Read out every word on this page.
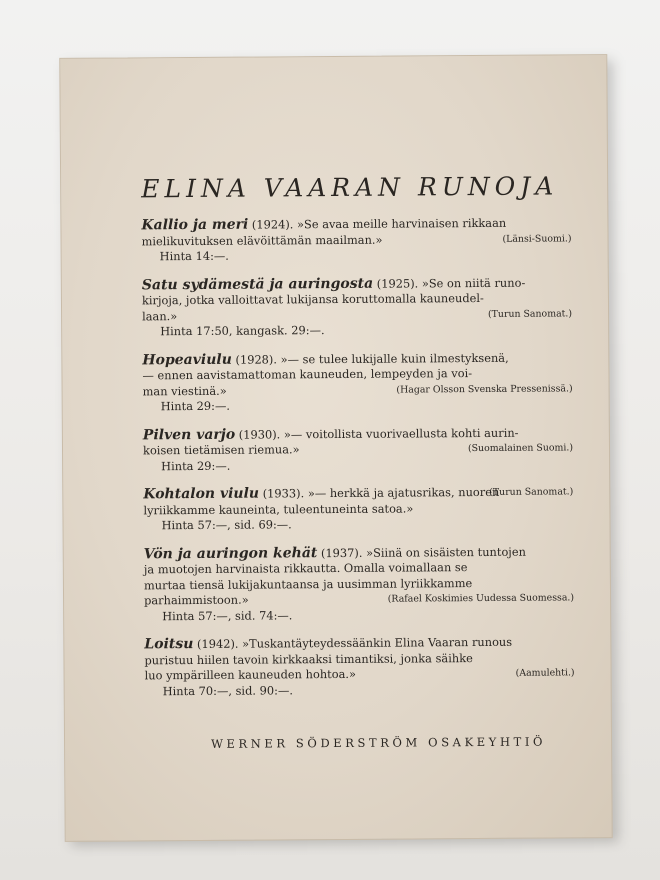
ELINA VAARAN RUNOJA
Kallio ja meri (1924). »Se avaa meille harvinaisen rikkaan
mielikuvituksen elävöittämän maailman.»	(Länsi-Suomi.)
Hinta 14:—.
Satu sydämestä ja auringosta (1925). »Se on niitä runo-
kirjoja, jotka valloittavat lukijansa koruttomalla kauneudel-
laan.»	(Turun Sanomat.)
Hinta 17:50, kangask. 29:—.
Hopeaviulu (1928). »— se tulee lukijalle kuin ilmestyksenä,
— ennen aavistamattoman kauneuden, lempeyden ja voi-
man viestinä.»	(Hagar Olsson Svenska Pressenissä.)
Hinta 29:—.
Pilven varjo (1930). »— voitollista vuorivaellusta kohti aurin-
koisen tietämisen riemua.»	(Suomalainen Suomi.)
Hinta 29:—.
Kohtalon viulu (1933). »— herkkä ja ajatusrikas, nuoren
(Turun Sanomat.)
lyriikkamme kauneinta, tuleentuneinta satoa.»
Hinta 57:—, sid. 69:—.
Vön ja auringon kehät (1937). »Siinä on sisäisten tuntojen
ja muotojen harvinaista rikkautta. Omalla voimallaan se
murtaa tiensä lukijakuntaansa ja uusimman lyriikkamme
parhaimmistoon.»	(Rafael Koskimies Uudessa Suomessa.)
Hinta 57:—, sid. 74:—.
Loitsu (1942). »Tuskantäyteydessäänkin Elina Vaaran runous
puristuu hiilen tavoin kirkkaaksi timantiksi, jonka säihke
luo ympärilleen kauneuden hohtoa.»	(Aamulehti.)
Hinta 70:—, sid. 90:—.
WERNER SÖDERSTRÖM OSAKEYHTIÖ
